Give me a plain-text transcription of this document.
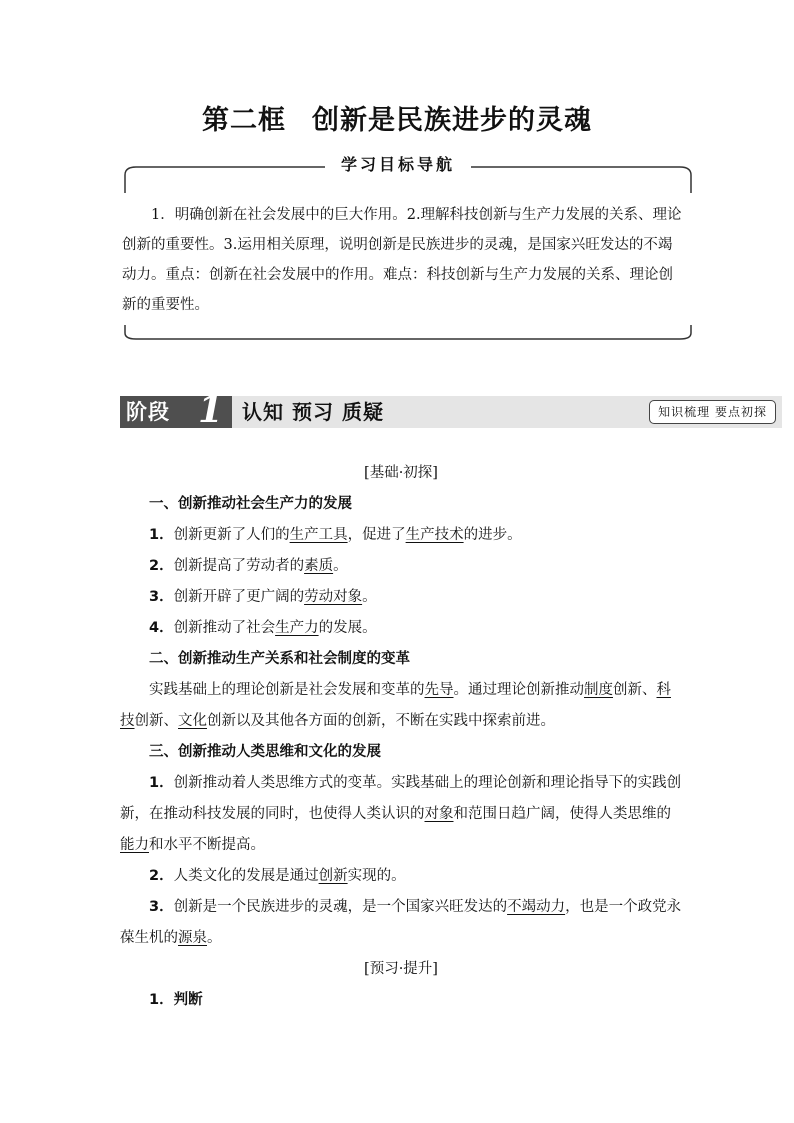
第二框 创新是民族进步的灵魂
学习目标导航
1．明确创新在社会发展中的巨大作用。2.理解科技创新与生产力发展的关系、理论创新的重要性。3.运用相关原理，说明创新是民族进步的灵魂，是国家兴旺发达的不竭动力。重点：创新在社会发展中的作用。难点：科技创新与生产力发展的关系、理论创新的重要性。
阶段 1 认知 预习 质疑	知识梳理 要点初探

[基础·初探]

一、创新推动社会生产力的发展

1．创新更新了人们的生产工具，促进了生产技术的进步。

2．创新提高了劳动者的素质。

3．创新开辟了更广阔的劳动对象。

4．创新推动了社会生产力的发展。

二、创新推动生产关系和社会制度的变革

实践基础上的理论创新是社会发展和变革的先导。通过理论创新推动制度创新、科技创新、文化创新以及其他各方面的创新，不断在实践中探索前进。

三、创新推动人类思维和文化的发展

1．创新推动着人类思维方式的变革。实践基础上的理论创新和理论指导下的实践创新，在推动科技发展的同时，也使得人类认识的对象和范围日趋广阔，使得人类思维的能力和水平不断提高。

2．人类文化的发展是通过创新实现的。

3．创新是一个民族进步的灵魂，是一个国家兴旺发达的不竭动力，也是一个政党永葆生机的源泉。

[预习·提升]

1．判断
